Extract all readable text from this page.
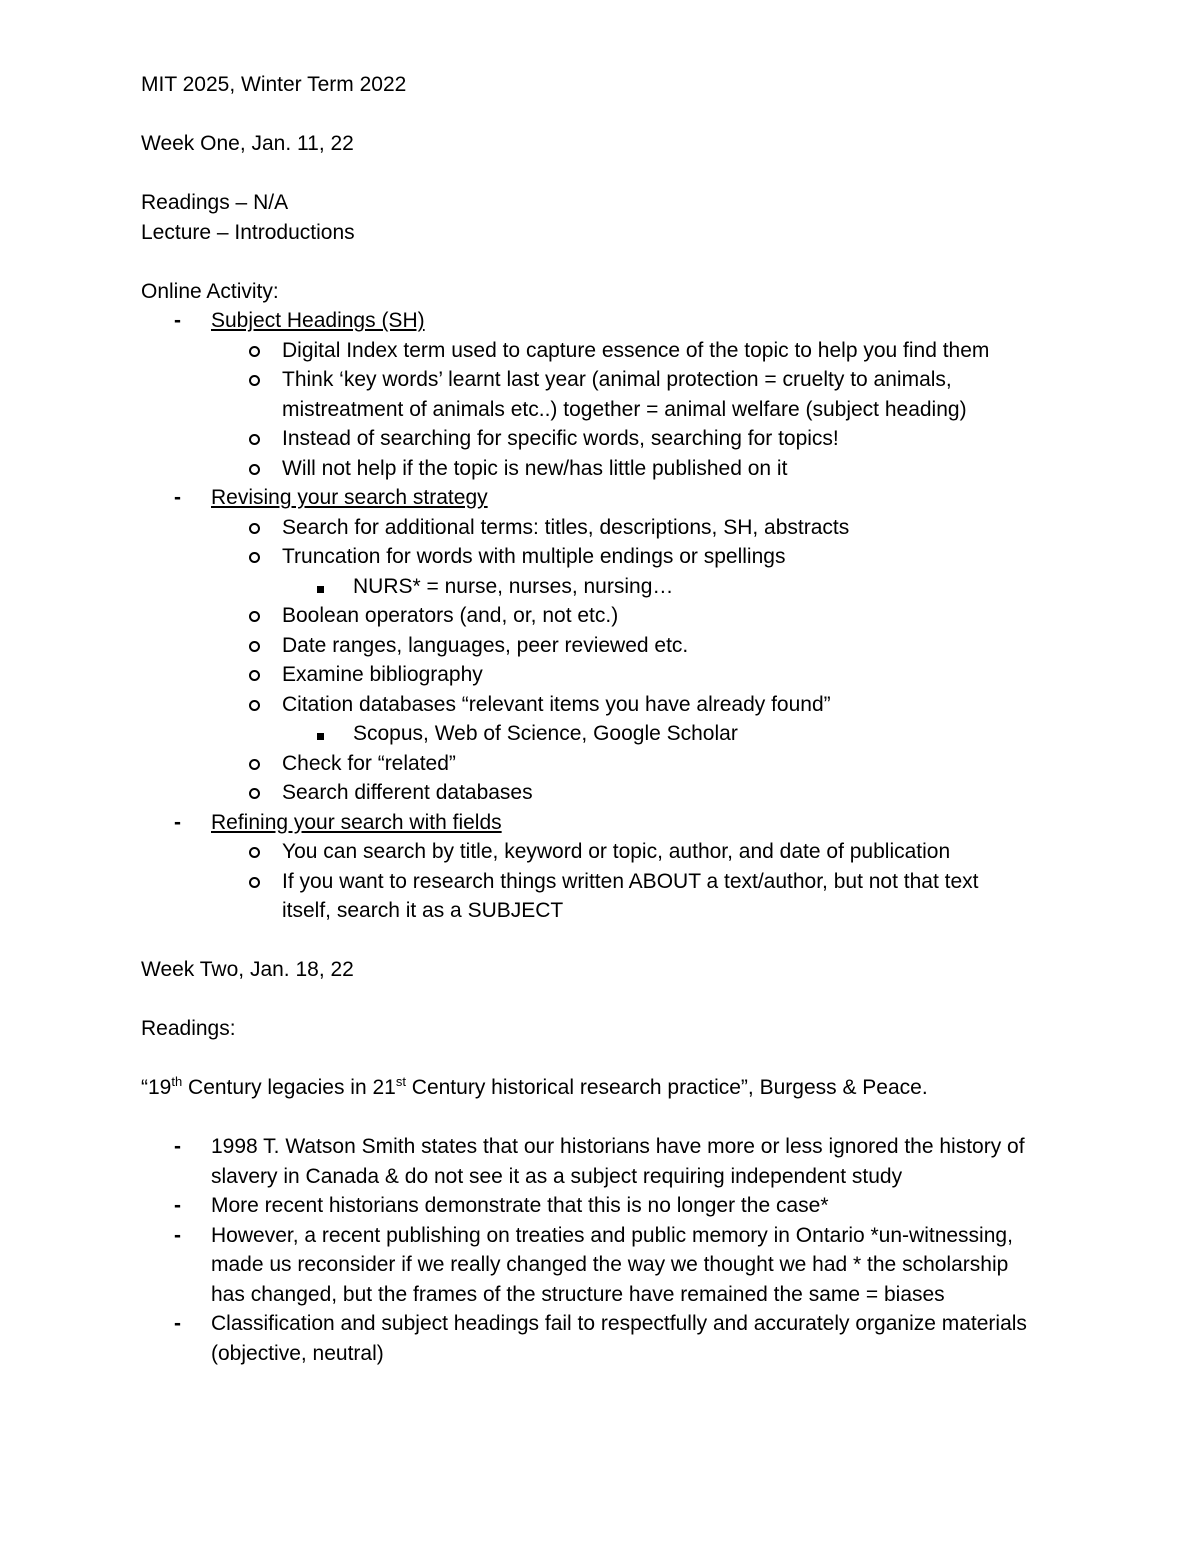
MIT 2025, Winter Term 2022
Week One, Jan. 11, 22
Readings – N/A
Lecture – Introductions
Online Activity:
- Subject Headings (SH)
Digital Index term used to capture essence of the topic to help you find them
Think ‘key words’ learnt last year (animal protection = cruelty to animals,
mistreatment of animals etc..) together = animal welfare (subject heading)
Instead of searching for specific words, searching for topics!
Will not help if the topic is new/has little published on it
- Revising your search strategy
Search for additional terms: titles, descriptions, SH, abstracts
Truncation for words with multiple endings or spellings
NURS* = nurse, nurses, nursing…
Boolean operators (and, or, not etc.)
Date ranges, languages, peer reviewed etc.
Examine bibliography
Citation databases “relevant items you have already found”
Scopus, Web of Science, Google Scholar
Check for “related”
Search different databases
- Refining your search with fields
You can search by title, keyword or topic, author, and date of publication
If you want to research things written ABOUT a text/author, but not that text
itself, search it as a SUBJECT
Week Two, Jan. 18, 22
Readings:
“19th Century legacies in 21st Century historical research practice”, Burgess & Peace.
- 1998 T. Watson Smith states that our historians have more or less ignored the history of
slavery in Canada & do not see it as a subject requiring independent study
- More recent historians demonstrate that this is no longer the case*
- However, a recent publishing on treaties and public memory in Ontario *un-witnessing,
made us reconsider if we really changed the way we thought we had * the scholarship
has changed, but the frames of the structure have remained the same = biases
- Classification and subject headings fail to respectfully and accurately organize materials
(objective, neutral)
